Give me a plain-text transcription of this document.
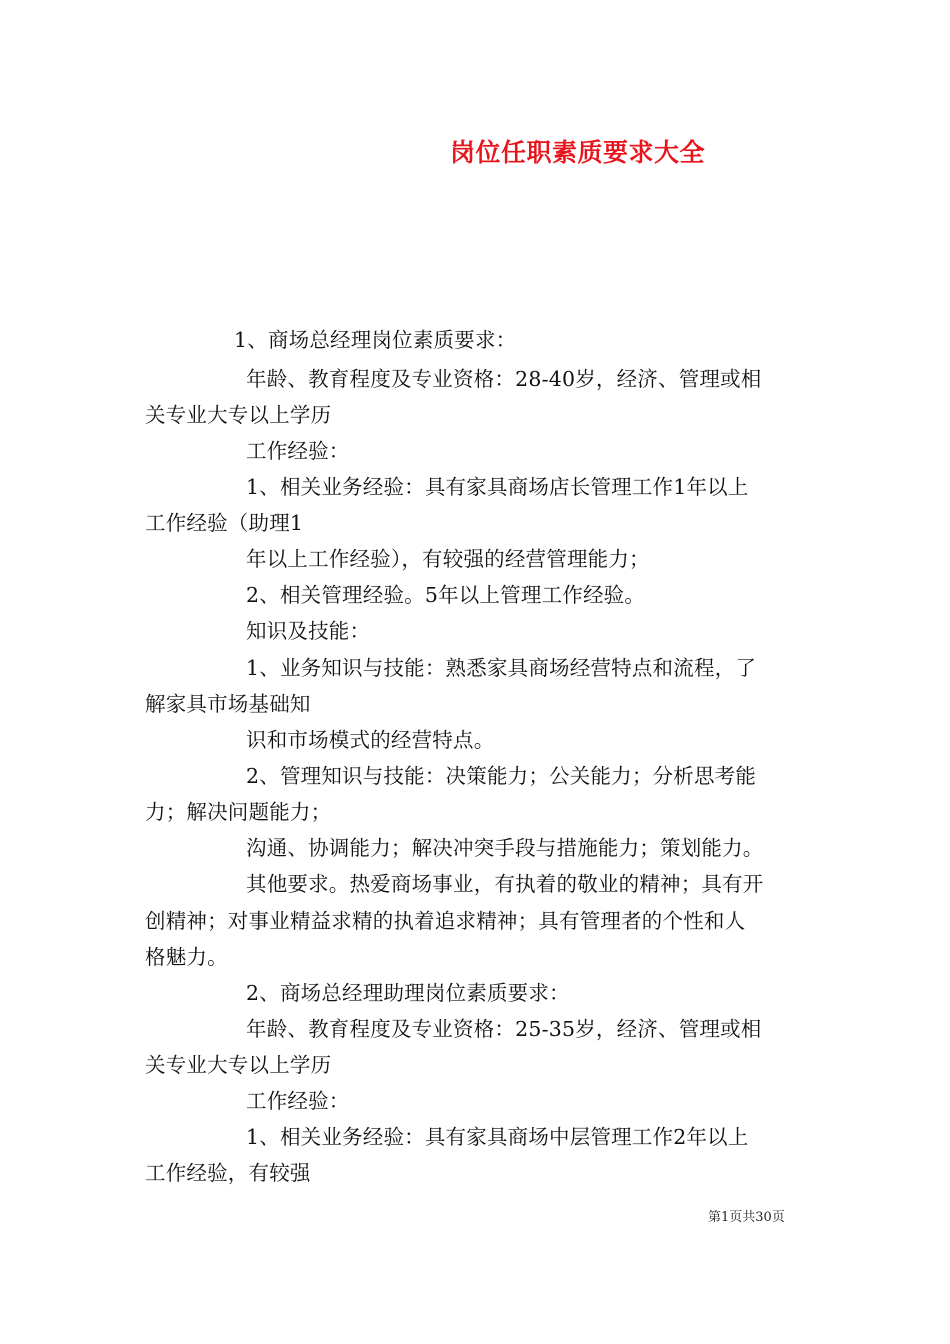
岗位任职素质要求大全
1、商场总经理岗位素质要求：
年龄、教育程度及专业资格：28-40岁，经济、管理或相
关专业大专以上学历
工作经验：
1、相关业务经验：具有家具商场店长管理工作1年以上
工作经验（助理1
年以上工作经验），有较强的经营管理能力；
2、相关管理经验。5年以上管理工作经验。
知识及技能：
1、业务知识与技能：熟悉家具商场经营特点和流程，了
解家具市场基础知
识和市场模式的经营特点。
2、管理知识与技能：决策能力；公关能力；分析思考能
力；解决问题能力；
沟通、协调能力；解决冲突手段与措施能力；策划能力。
其他要求。热爱商场事业，有执着的敬业的精神；具有开
创精神；对事业精益求精的执着追求精神；具有管理者的个性和人
格魅力。
2、商场总经理助理岗位素质要求：
年龄、教育程度及专业资格：25-35岁，经济、管理或相
关专业大专以上学历
工作经验：
1、相关业务经验：具有家具商场中层管理工作2年以上
工作经验，有较强
第1页共30页
